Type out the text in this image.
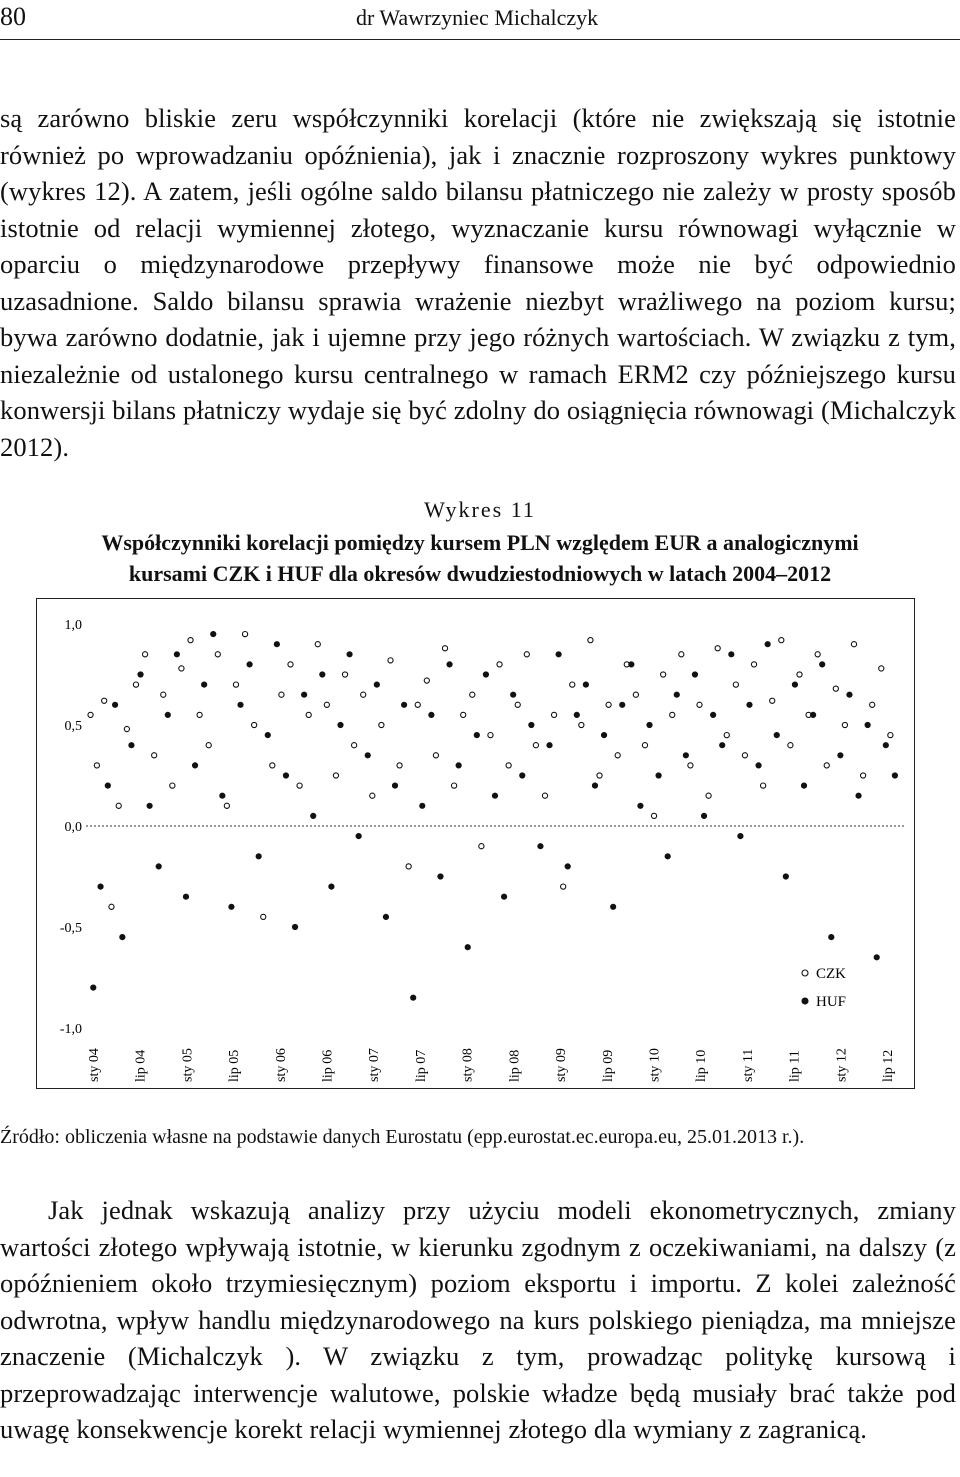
80	dr Wawrzyniec Michalczyk

są zarówno bliskie zeru współczynniki korelacji (które nie zwiększają się istotnie również po wprowadzaniu opóźnienia), jak i znacznie rozproszony wykres punktowy (wykres 12). A zatem, jeśli ogólne saldo bilansu płatniczego nie zależy w prosty sposób istotnie od relacji wymiennej złotego, wyznaczanie kursu równowagi wyłącznie w oparciu o międzynarodowe przepływy finansowe może nie być odpowiednio uzasadnione. Saldo bilansu sprawia wrażenie niezbyt wrażliwego na poziom kursu; bywa zarówno dodatnie, jak i ujemne przy jego różnych wartościach. W związku z tym, niezależnie od ustalonego kursu centralnego w ramach ERM2 czy późniejszego kursu konwersji bilans płatniczy wydaje się być zdolny do osiągnięcia równowagi (Michalczyk 2012).

Wykres 11
Współczynniki korelacji pomiędzy kursem PLN względem EUR a analogicznymi
kursami CZK i HUF dla okresów dwudziestodniowych w latach 2004–2012
1,0
0,5
0,0
-0,5
-1,0
sty 04 lip 04 sty 05 lip 05 sty 06 lip 06 sty 07 lip 07 sty 08 lip 08 sty 09 lip 09 sty 10 lip 10 sty 11 lip 11 sty 12 lip 12
CZK
HUF
Źródło: obliczenia własne na podstawie danych Eurostatu (epp.eurostat.ec.europa.eu, 25.01.2013 r.).

Jak jednak wskazują analizy przy użyciu modeli ekonometrycznych, zmiany wartości złotego wpływają istotnie, w kierunku zgodnym z oczekiwaniami, na dalszy (z opóźnieniem około trzymiesięcznym) poziom eksportu i importu. Z kolei zależność odwrotna, wpływ handlu międzynarodowego na kurs polskiego pieniądza, ma mniejsze znaczenie (Michalczyk ). W związku z tym, prowadząc politykę kursową i przeprowadzając interwencje walutowe, polskie władze będą musiały brać także pod uwagę konsekwencje korekt relacji wymiennej złotego dla wymiany z zagranicą.
